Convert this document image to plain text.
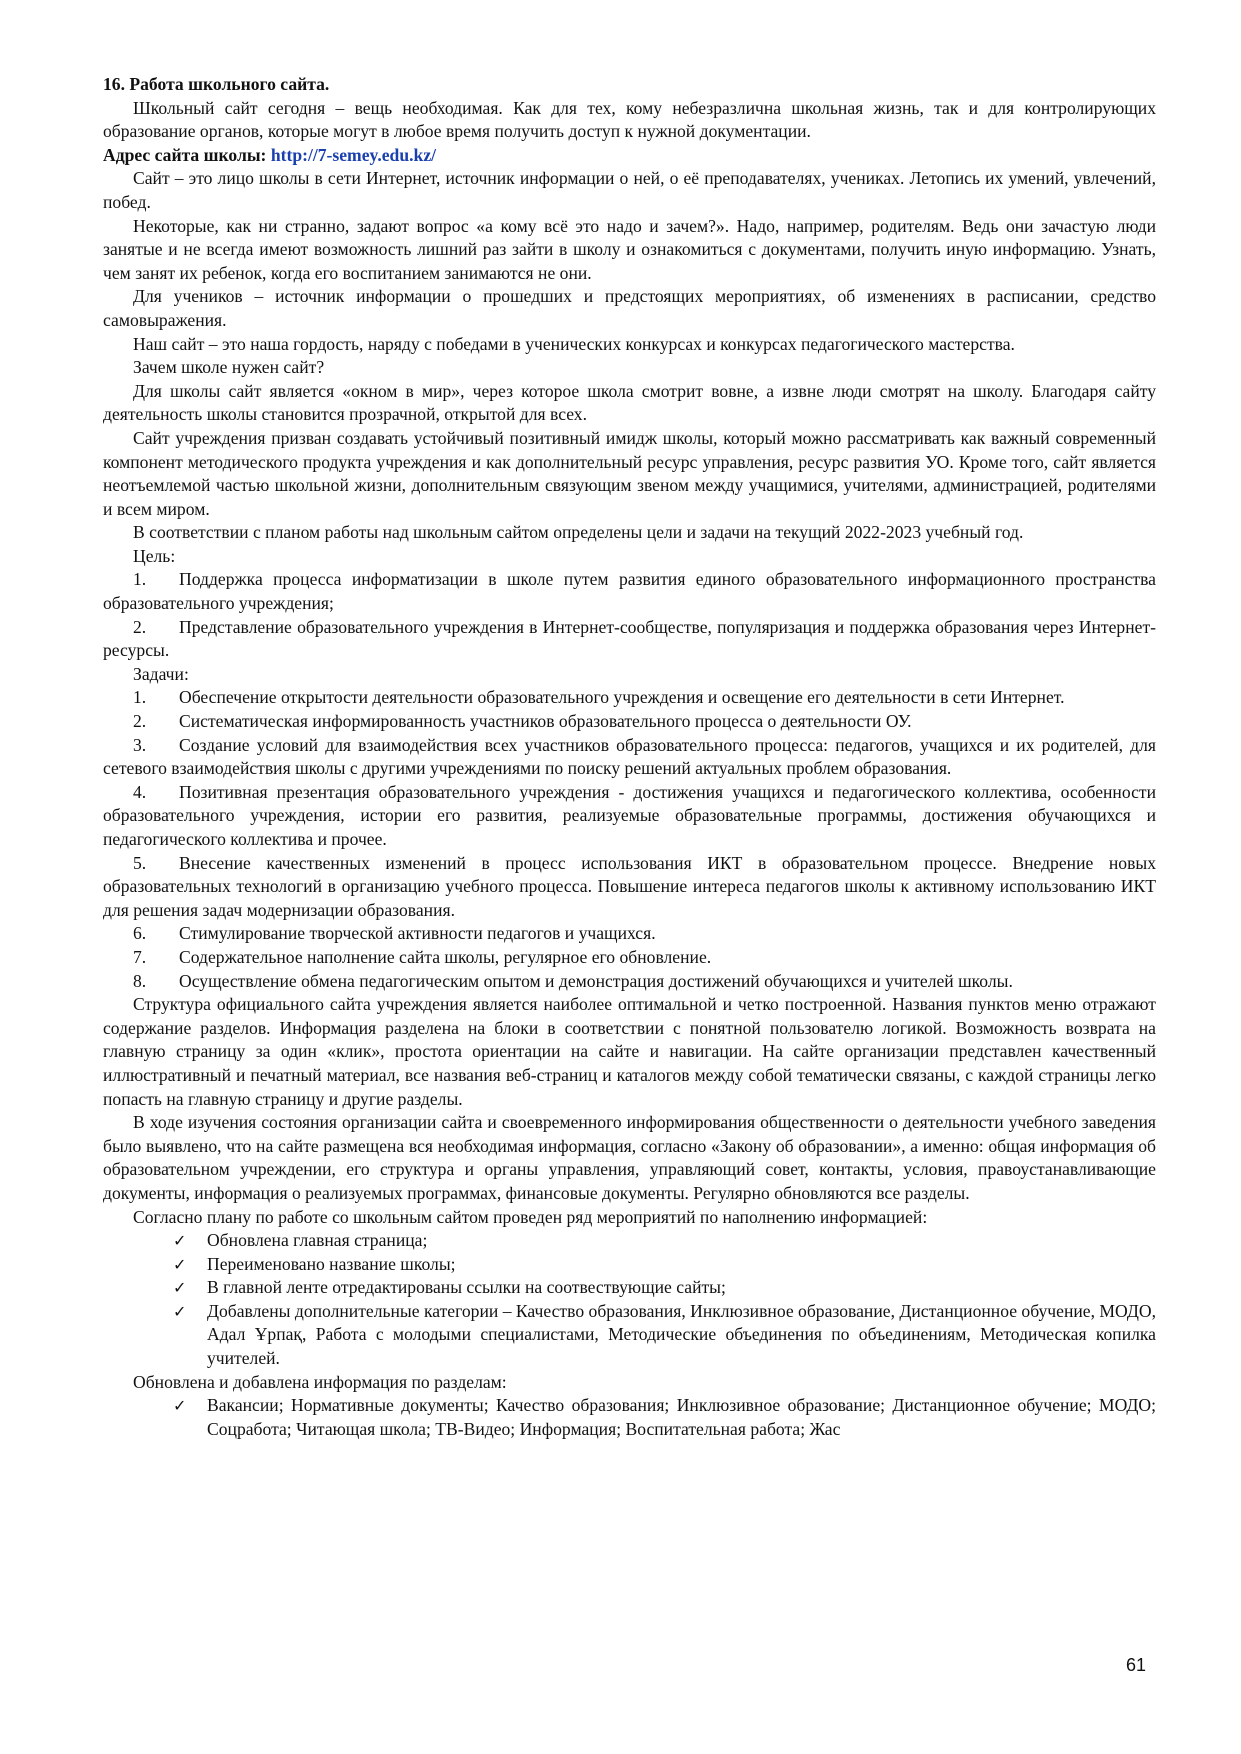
16. Работа школьного сайта.

Школьный сайт сегодня – вещь необходимая. Как для тех, кому небезразлична школьная жизнь, так и для контролирующих образование органов, которые могут в любое время получить доступ к нужной документации.

Адрес сайта школы: http://7-semey.edu.kz/

Сайт – это лицо школы в сети Интернет, источник информации о ней, о её преподавателях, учениках. Летопись их умений, увлечений, побед.

Некоторые, как ни странно, задают вопрос «а кому всё это надо и зачем?». Надо, например, родителям. Ведь они зачастую люди занятые и не всегда имеют возможность лишний раз зайти в школу и ознакомиться с документами, получить иную информацию. Узнать, чем занят их ребенок, когда его воспитанием занимаются не они.

Для учеников – источник информации о прошедших и предстоящих мероприятиях, об изменениях в расписании, средство самовыражения.

Наш сайт – это наша гордость, наряду с победами в ученических конкурсах и конкурсах педагогического мастерства.

Зачем школе нужен сайт?

Для школы сайт является «окном в мир», через которое школа смотрит вовне, а извне люди смотрят на школу. Благодаря сайту деятельность школы становится прозрачной, открытой для всех.

Сайт учреждения призван создавать устойчивый позитивный имидж школы, который можно рассматривать как важный современный компонент методического продукта учреждения и как дополнительный ресурс управления, ресурс развития УО. Кроме того, сайт является неотъемлемой частью школьной жизни, дополнительным связующим звеном между учащимися, учителями, администрацией, родителями и всем миром.

В соответствии с планом работы над школьным сайтом определены цели и задачи на текущий 2022-2023 учебный год.

Цель:

1. Поддержка процесса информатизации в школе путем развития единого образовательного информационного пространства образовательного учреждения;

2. Представление образовательного учреждения в Интернет-сообществе, популяризация и поддержка образования через Интернет-ресурсы.

Задачи:

1. Обеспечение открытости деятельности образовательного учреждения и освещение его деятельности в сети Интернет.

2. Систематическая информированность участников образовательного процесса о деятельности ОУ.

3. Создание условий для взаимодействия всех участников образовательного процесса: педагогов, учащихся и их родителей, для сетевого взаимодействия школы с другими учреждениями по поиску решений актуальных проблем образования.

4. Позитивная презентация образовательного учреждения - достижения учащихся и педагогического коллектива, особенности образовательного учреждения, истории его развития, реализуемые образовательные программы, достижения обучающихся и педагогического коллектива и прочее.

5. Внесение качественных изменений в процесс использования ИКТ в образовательном процессе. Внедрение новых образовательных технологий в организацию учебного процесса. Повышение интереса педагогов школы к активному использованию ИКТ для решения задач модернизации образования.

6. Стимулирование творческой активности педагогов и учащихся.

7. Содержательное наполнение сайта школы, регулярное его обновление.

8. Осуществление обмена педагогическим опытом и демонстрация достижений обучающихся и учителей школы.

Структура официального сайта учреждения является наиболее оптимальной и четко построенной. Названия пунктов меню отражают содержание разделов. Информация разделена на блоки в соответствии с понятной пользователю логикой. Возможность возврата на главную страницу за один «клик», простота ориентации на сайте и навигации. На сайте организации представлен качественный иллюстративный и печатный материал, все названия веб-страниц и каталогов между собой тематически связаны, с каждой страницы легко попасть на главную страницу и другие разделы.

В ходе изучения состояния организации сайта и своевременного информирования общественности о деятельности учебного заведения было выявлено, что на сайте размещена вся необходимая информация, согласно «Закону об образовании», а именно: общая информация об образовательном учреждении, его структура и органы управления, управляющий совет, контакты, условия, правоустанавливающие документы, информация о реализуемых программах, финансовые документы. Регулярно обновляются все разделы.

Согласно плану по работе со школьным сайтом проведен ряд мероприятий по наполнению информацией:

✓ Обновлена главная страница;
✓ Переименовано название школы;
✓ В главной ленте отредактированы ссылки на соотвествующие сайты;
✓ Добавлены дополнительные категории – Качество образования, Инклюзивное образование, Дистанционное обучение, МОДО, Адал Ұрпақ, Работа с молодыми специалистами, Методические объединения по объединениям, Методическая копилка учителей.

Обновлена и добавлена информация по разделам:

✓ Вакансии; Нормативные документы; Качество образования; Инклюзивное образование; Дистанционное обучение; МОДО; Соцработа; Читающая школа; ТВ-Видео; Информация; Воспитательная работа; Жас
61
